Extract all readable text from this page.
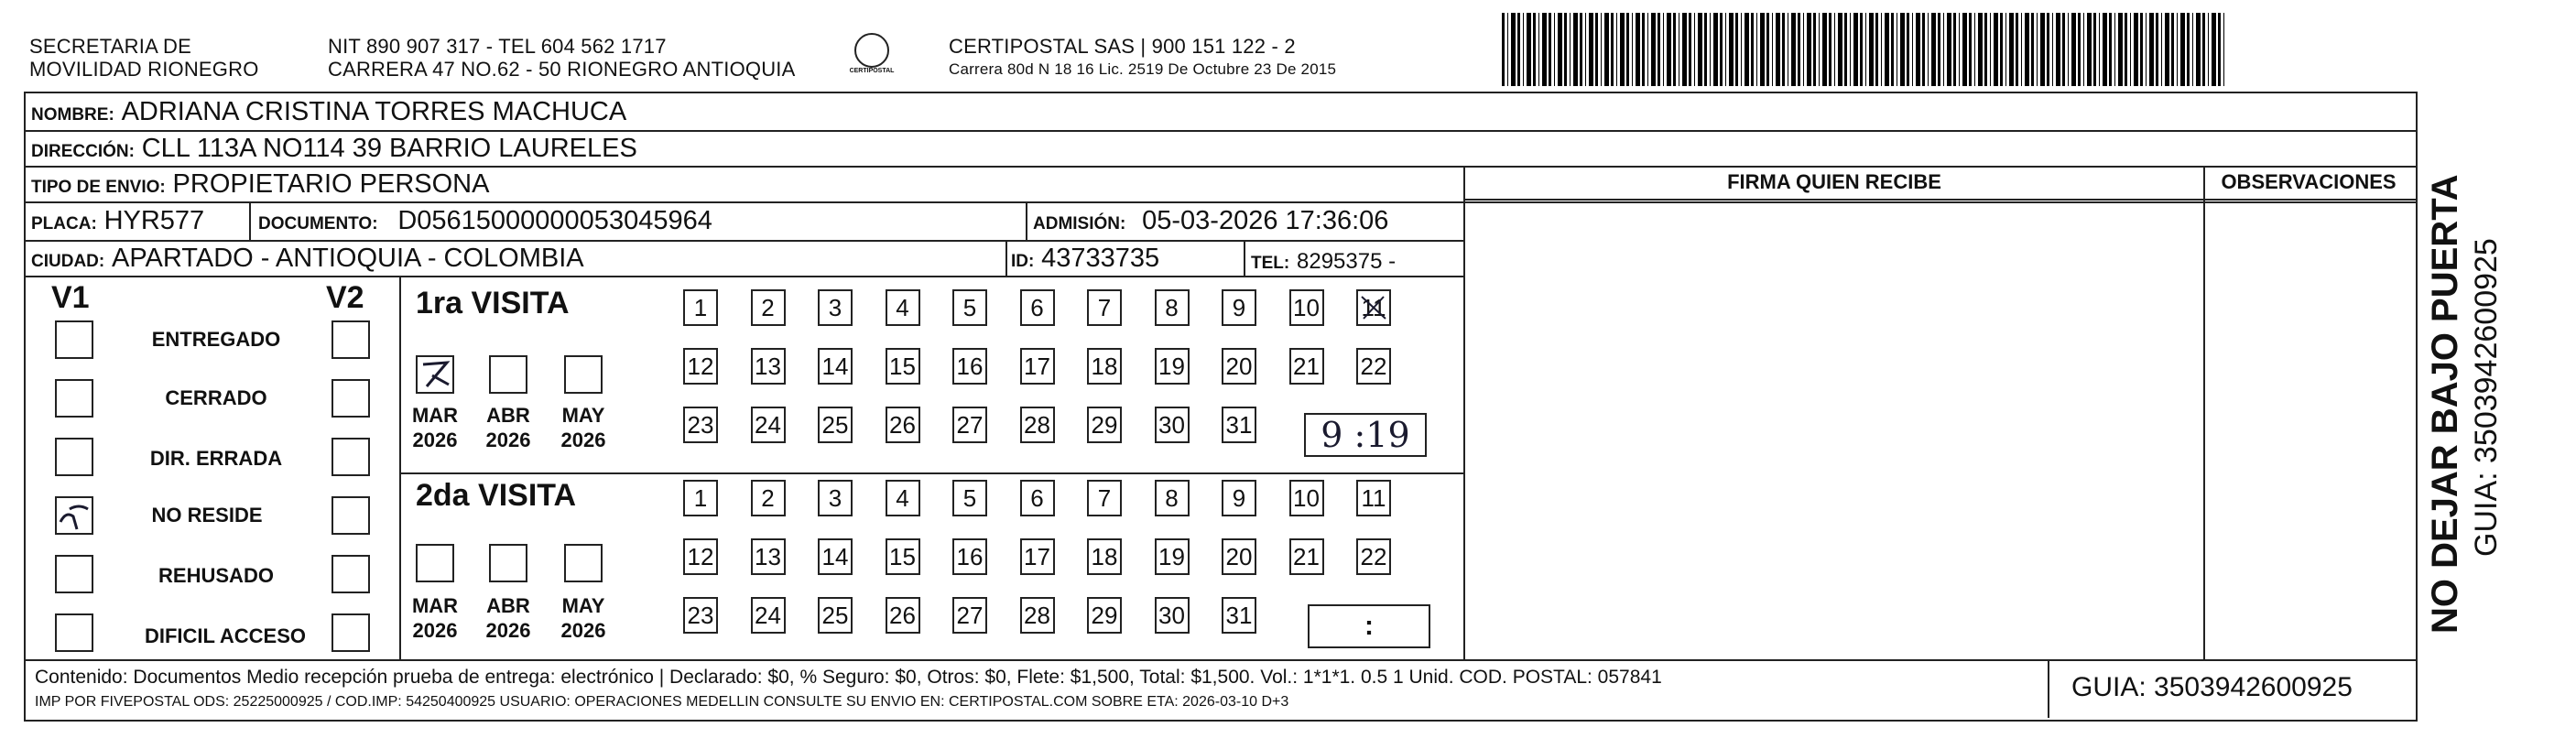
SECRETARIA DE
MOVILIDAD RIONEGRO
NIT 890 907 317 - TEL 604 562 1717
CARRERA 47 NO.62 - 50 RIONEGRO ANTIOQUIA	CERTIPOSTAL
CERTIPOSTAL SAS | 900 151 122 - 2
Carrera 80d N 18 16 Lic. 2519 De Octubre 23 De 2015
NOMBRE: ADRIANA CRISTINA TORRES MACHUCA
DIRECCIÓN: CLL 113A NO114 39 BARRIO LAURELES
TIPO DE ENVIO: PROPIETARIO PERSONA
PLACA: HYR577	DOCUMENTO: D05615000000053045964	ADMISIÓN: 05-03-2026 17:36:06
CIUDAD: APARTADO - ANTIOQUIA - COLOMBIA	ID: 43733735	TEL: 8295375 -
FIRMA QUIEN RECIBE	OBSERVACIONES
V1	V2
ENTREGADO
CERRADO
DIR. ERRADA
NO RESIDE
REHUSADO
DIFICIL ACCESO
1ra VISITA
MAR
2026
ABR
2026
MAY
2026
1	2	3	4	5	6	7	8	9	10 11
12 13 14 15 16 17 18 19 20 21 22
23 24 25 26 27 28 29 30 31	9 :19
2da VISITA
MAR
2026
ABR
2026
MAY
2026
1	2	3	4	5	6	7	8	9	10 11
12 13 14 15 16 17 18 19 20 21 22
23 24 25 26 27 28 29 30 31	:
Contenido: Documentos Medio recepción prueba de entrega: electrónico | Declarado: $0, % Seguro: $0, Otros: $0, Flete: $1,500, Total: $1,500. Vol.: 1*1*1. 0.5 1 Unid. COD. POSTAL: 057841
IMP POR FIVEPOSTAL ODS: 25225000925 / COD.IMP: 54250400925 USUARIO: OPERACIONES MEDELLIN CONSULTE SU ENVIO EN: CERTIPOSTAL.COM SOBRE ETA: 2026-03-10 D+3	GUIA: 3503942600925
NO DEJAR BAJO PUERTA GUIA: 3503942600925
